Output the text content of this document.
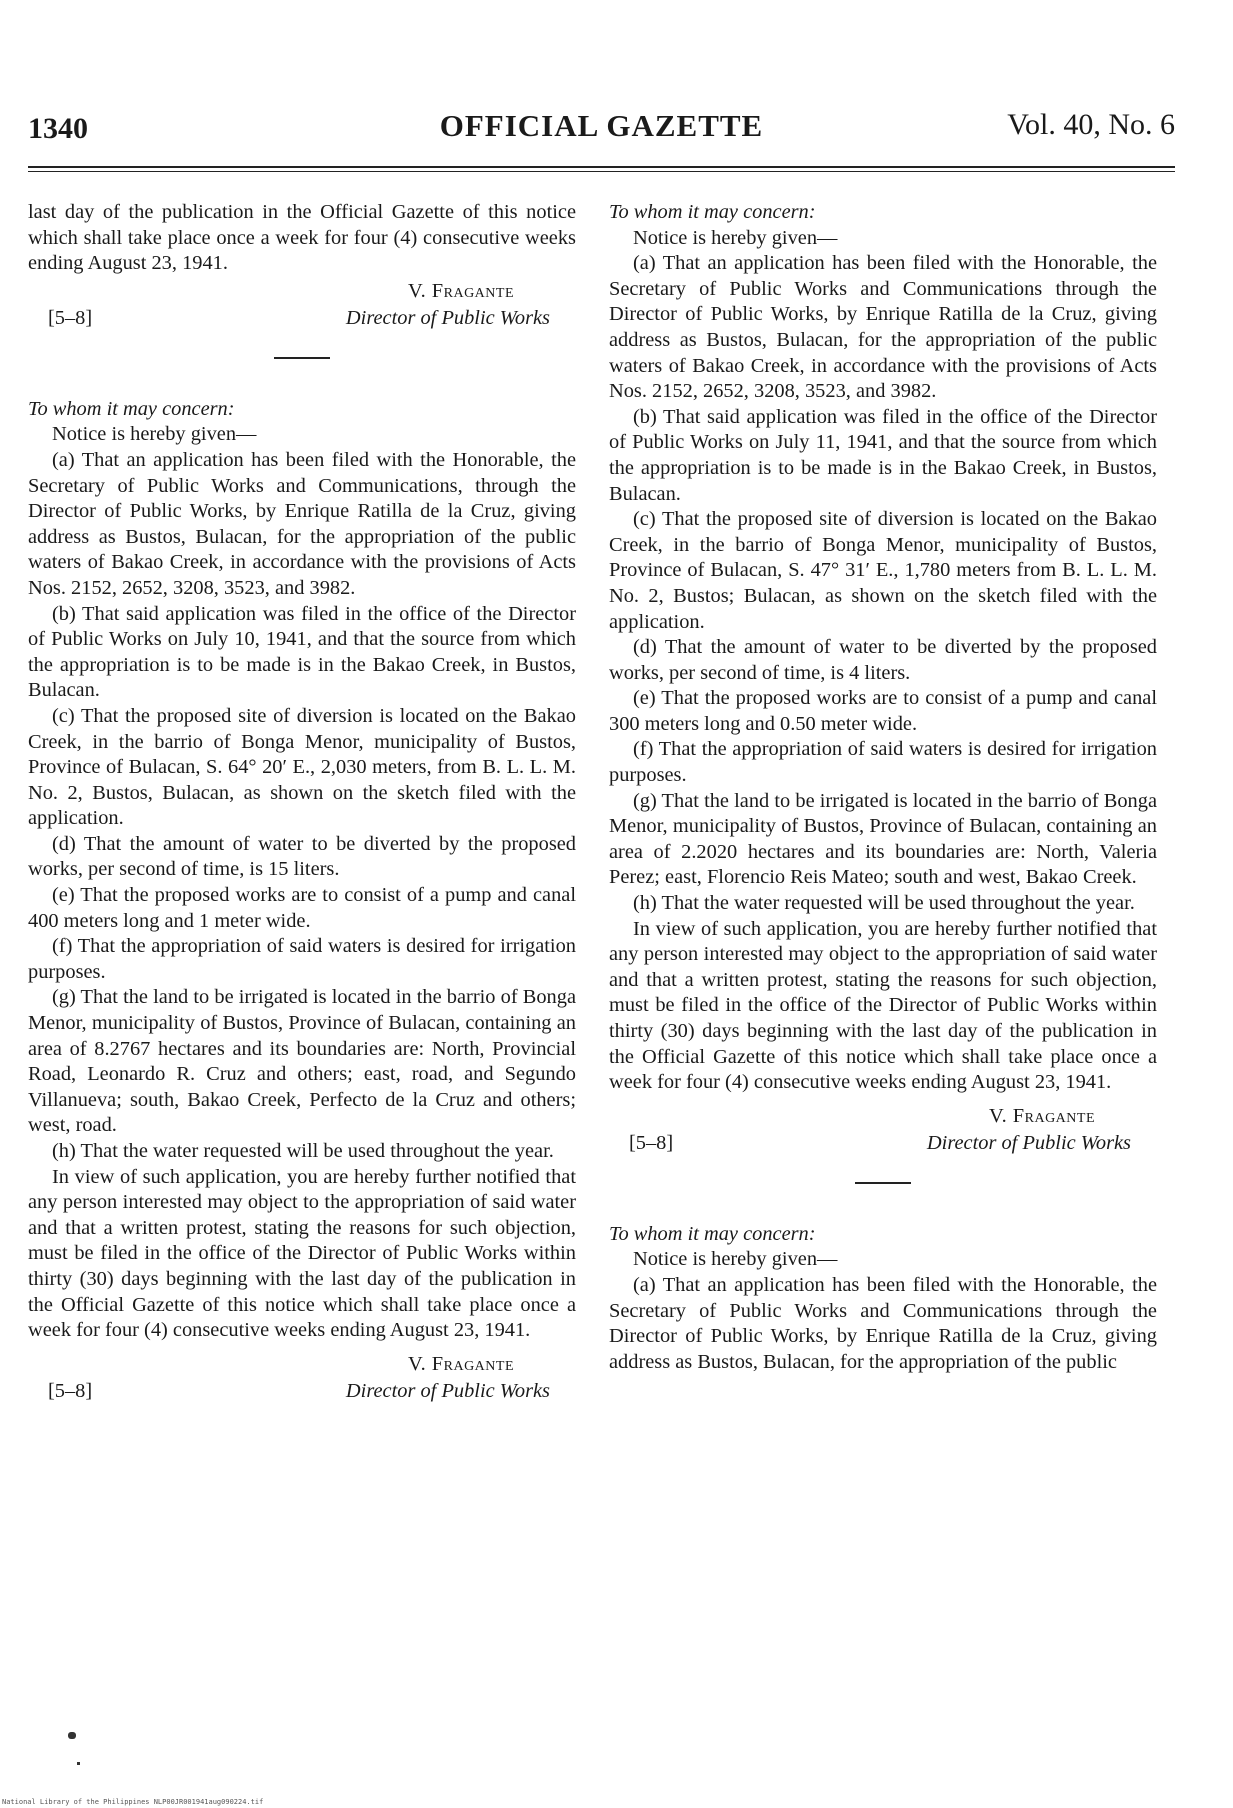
1340	OFFICIAL GAZETTE	Vol. 40, No. 6

last day of the publication in the Official Gazette of this notice which shall take place once a week for four (4) consecutive weeks ending August 23, 1941.

V. Fragante
[5–8]	Director of Public Works
To whom it may concern:

Notice is hereby given—

(a) That an application has been filed with the Honorable, the Secretary of Public Works and Communications, through the Director of Public Works, by Enrique Ratilla de la Cruz, giving address as Bustos, Bulacan, for the appropriation of the public waters of Bakao Creek, in accordance with the provisions of Acts Nos. 2152, 2652, 3208, 3523, and 3982.

(b) That said application was filed in the office of the Director of Public Works on July 10, 1941, and that the source from which the appropriation is to be made is in the Bakao Creek, in Bustos, Bulacan.

(c) That the proposed site of diversion is located on the Bakao Creek, in the barrio of Bonga Menor, municipality of Bustos, Province of Bulacan, S. 64° 20′ E., 2,030 meters, from B. L. L. M. No. 2, Bustos, Bulacan, as shown on the sketch filed with the application.

(d) That the amount of water to be diverted by the proposed works, per second of time, is 15 liters.

(e) That the proposed works are to consist of a pump and canal 400 meters long and 1 meter wide.

(f) That the appropriation of said waters is desired for irrigation purposes.

(g) That the land to be irrigated is located in the barrio of Bonga Menor, municipality of Bustos, Province of Bulacan, containing an area of 8.2767 hectares and its boundaries are: North, Provincial Road, Leonardo R. Cruz and others; east, road, and Segundo Villanueva; south, Bakao Creek, Perfecto de la Cruz and others; west, road.

(h) That the water requested will be used throughout the year.

In view of such application, you are hereby further notified that any person interested may object to the appropriation of said water and that a written protest, stating the reasons for such objection, must be filed in the office of the Director of Public Works within thirty (30) days beginning with the last day of the publication in the Official Gazette of this notice which shall take place once a week for four (4) consecutive weeks ending August 23, 1941.

V. Fragante
[5–8]	Director of Public Works
To whom it may concern:

Notice is hereby given—

(a) That an application has been filed with the Honorable, the Secretary of Public Works and Communications through the Director of Public Works, by Enrique Ratilla de la Cruz, giving address as Bustos, Bulacan, for the appropriation of the public waters of Bakao Creek, in accordance with the provisions of Acts Nos. 2152, 2652, 3208, 3523, and 3982.

(b) That said application was filed in the office of the Director of Public Works on July 11, 1941, and that the source from which the appropriation is to be made is in the Bakao Creek, in Bustos, Bulacan.

(c) That the proposed site of diversion is located on the Bakao Creek, in the barrio of Bonga Menor, municipality of Bustos, Province of Bulacan, S. 47° 31′ E., 1,780 meters from B. L. L. M. No. 2, Bustos; Bulacan, as shown on the sketch filed with the application.

(d) That the amount of water to be diverted by the proposed works, per second of time, is 4 liters.

(e) That the proposed works are to consist of a pump and canal 300 meters long and 0.50 meter wide.

(f) That the appropriation of said waters is desired for irrigation purposes.

(g) That the land to be irrigated is located in the barrio of Bonga Menor, municipality of Bustos, Province of Bulacan, containing an area of 2.2020 hectares and its boundaries are: North, Valeria Perez; east, Florencio Reis Mateo; south and west, Bakao Creek.

(h) That the water requested will be used throughout the year.

In view of such application, you are hereby further notified that any person interested may object to the appropriation of said water and that a written protest, stating the reasons for such objection, must be filed in the office of the Director of Public Works within thirty (30) days beginning with the last day of the publication in the Official Gazette of this notice which shall take place once a week for four (4) consecutive weeks ending August 23, 1941.

V. Fragante
[5–8]	Director of Public Works
To whom it may concern:

Notice is hereby given—

(a) That an application has been filed with the Honorable, the Secretary of Public Works and Communications through the Director of Public Works, by Enrique Ratilla de la Cruz, giving address as Bustos, Bulacan, for the appropriation of the public

National Library of the Philippines NLP00JR001941aug090224.tif
